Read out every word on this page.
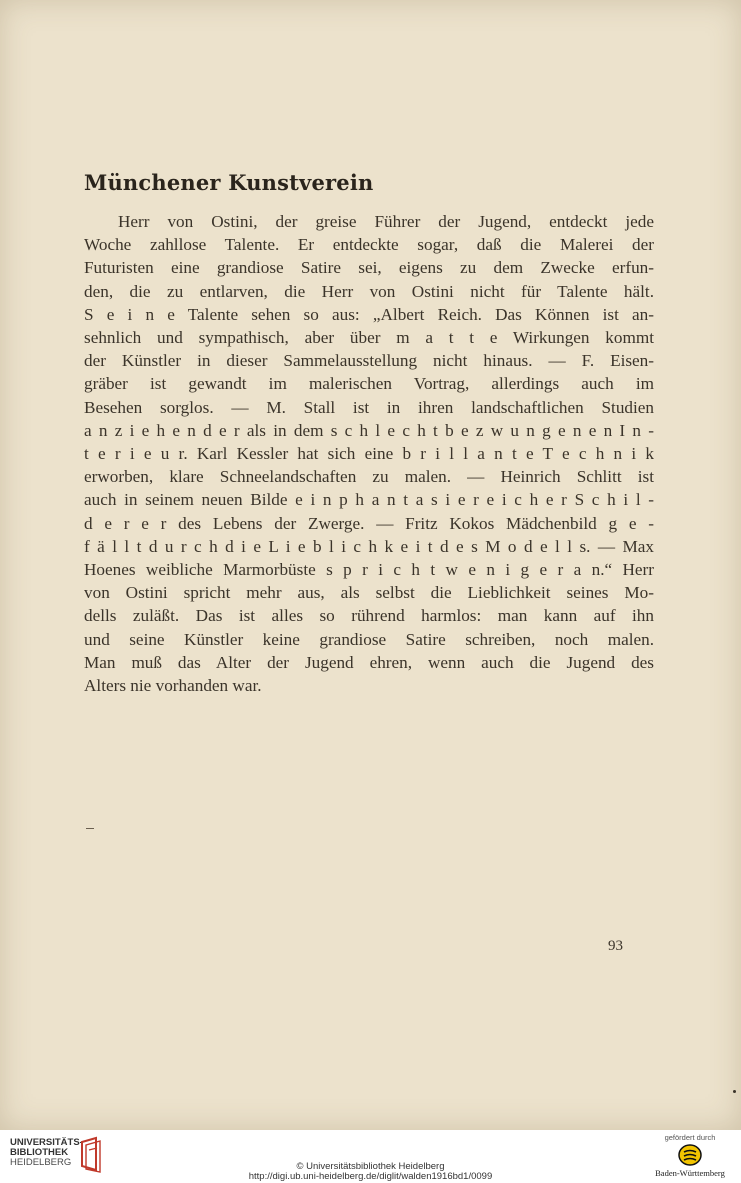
Münchener Kunstverein
Herr von Ostini, der greise Führer der Jugend, entdeckt jede
Woche zahllose Talente. Er entdeckte sogar, daß die Malerei der
Futuristen eine grandiose Satire sei, eigens zu dem Zwecke erfun-
den, die zu entlarven, die Herr von Ostini nicht für Talente hält.
S e i n e Talente sehen so aus: „Albert Reich. Das Können ist an-
sehnlich und sympathisch, aber über m a t t e Wirkungen kommt
der Künstler in dieser Sammelausstellung nicht hinaus. — F. Eisen-
gräber ist gewandt im malerischen Vortrag, allerdings auch im
Besehen sorglos. — M. Stall ist in ihren landschaftlichen Studien
a n z i e h e n d e r als in dem s c h l e c h t b e z w u n g e n e n I n -
t e r i e u r. Karl Kessler hat sich eine b r i l l a n t e T e c h n i k
erworben, klare Schneelandschaften zu malen. — Heinrich Schlitt ist
auch in seinem neuen Bilde e i n p h a n t a s i e r e i c h e r S c h i l -
d e r e r des Lebens der Zwerge. — Fritz Kokos Mädchenbild g e -
f ä l l t d u r c h d i e L i e b l i c h k e i t d e s M o d e l l s. — Max
Hoenes weibliche Marmorbüste s p r i c h t w e n i g e r a n.“ Herr
von Ostini spricht mehr aus, als selbst die Lieblichkeit seines Mo-
dells zuläßt. Das ist alles so rührend harmlos: man kann auf ihn
und seine Künstler keine grandiose Satire schreiben, noch malen.
Man muß das Alter der Jugend ehren, wenn auch die Jugend des
Alters nie vorhanden war.
93
UNIVERSITÄTS-
BIBLIOTHEK
HEIDELBERG	© Universitätsbibliothek Heidelberg
http://digi.ub.uni-heidelberg.de/diglit/walden1916bd1/0099
gefördert durch
Baden-Württemberg
